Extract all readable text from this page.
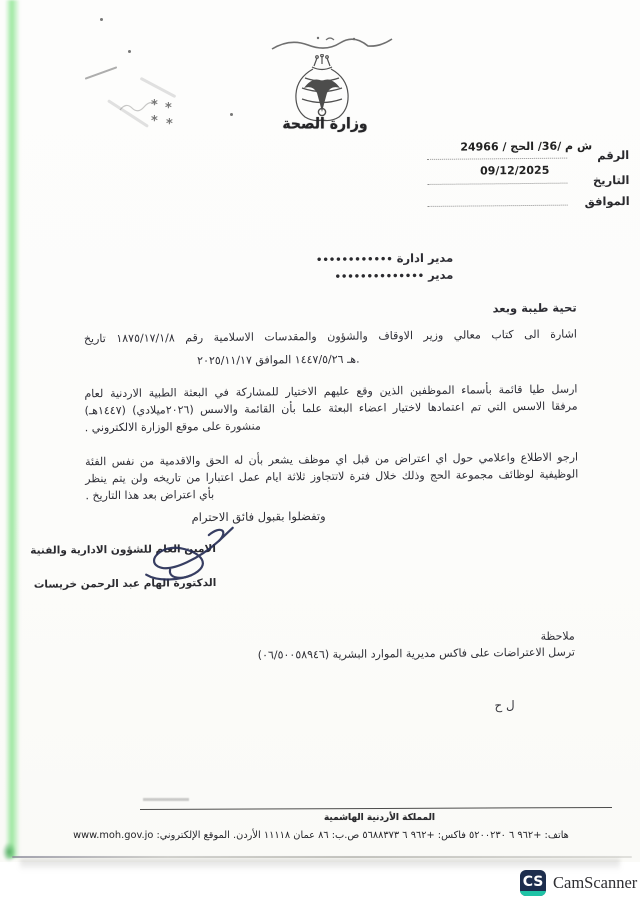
* *
* *	وزارة الصحة
ش م /36/ الحج / 24966
الرقم
09/12/2025
التاريخ
الموافق
مدير ادارة ••••••••••••
مدير ••••••••••••••
تحية طيبة وبعد
اشارة الى كتاب معالي وزير الاوقاف والشؤون والمقدسات الاسلامية رقم ١٨٧٥/١٧/١/٨ تاريخ
٢٠٢٥/١١/١٧‎ الموافق‎ ١٤٤٧/٥/٢٦‎ هـ.
ارسل طيا قائمة بأسماء الموظفين الذين وقع عليهم الاختيار للمشاركة في البعثة الطبية الاردنية لعام
(١٤٤٧هـ)‎ (٢٠٢٦ميلادي)‎ مرفقا الاسس التي تم اعتمادها لاختيار اعضاء البعثة علما بأن القائمة والاسس
منشورة على موقع الوزارة الالكتروني .
ارجو الاطلاع واعلامي حول اي اعتراض من قبل اي موظف يشعر بأن له الحق والاقدمية من نفس الفئة
الوظيفية لوظائف مجموعة الحج وذلك خلال فترة لاتتجاوز ثلاثة ايام عمل اعتبارا من تاريخه ولن يتم ينظر
بأي اعتراض بعد هذا التاريخ .
وتفضلوا بقبول فائق الاحترام
الامين العام للشؤون الادارية والفنية
الدكتورة الهام عبد الرحمن خريسات
ملاحظة
ترسل الاعتراضات على فاكس مديرية الموارد البشرية (٠٦/٥٠٠٥٨٩٤٦)
ل ح
المملكة الأردنية الهاشمية
هاتف: +٩٦٢ ٦ ٥٢٠٠٢٣٠ فاكس: +٩٦٢ ٦ ٥٦٨٨٣٧٣ ص.ب: ٨٦ عمان ١١١١٨ الأردن. الموقع الإلكتروني: www.moh.gov.jo
CS CamScanner
